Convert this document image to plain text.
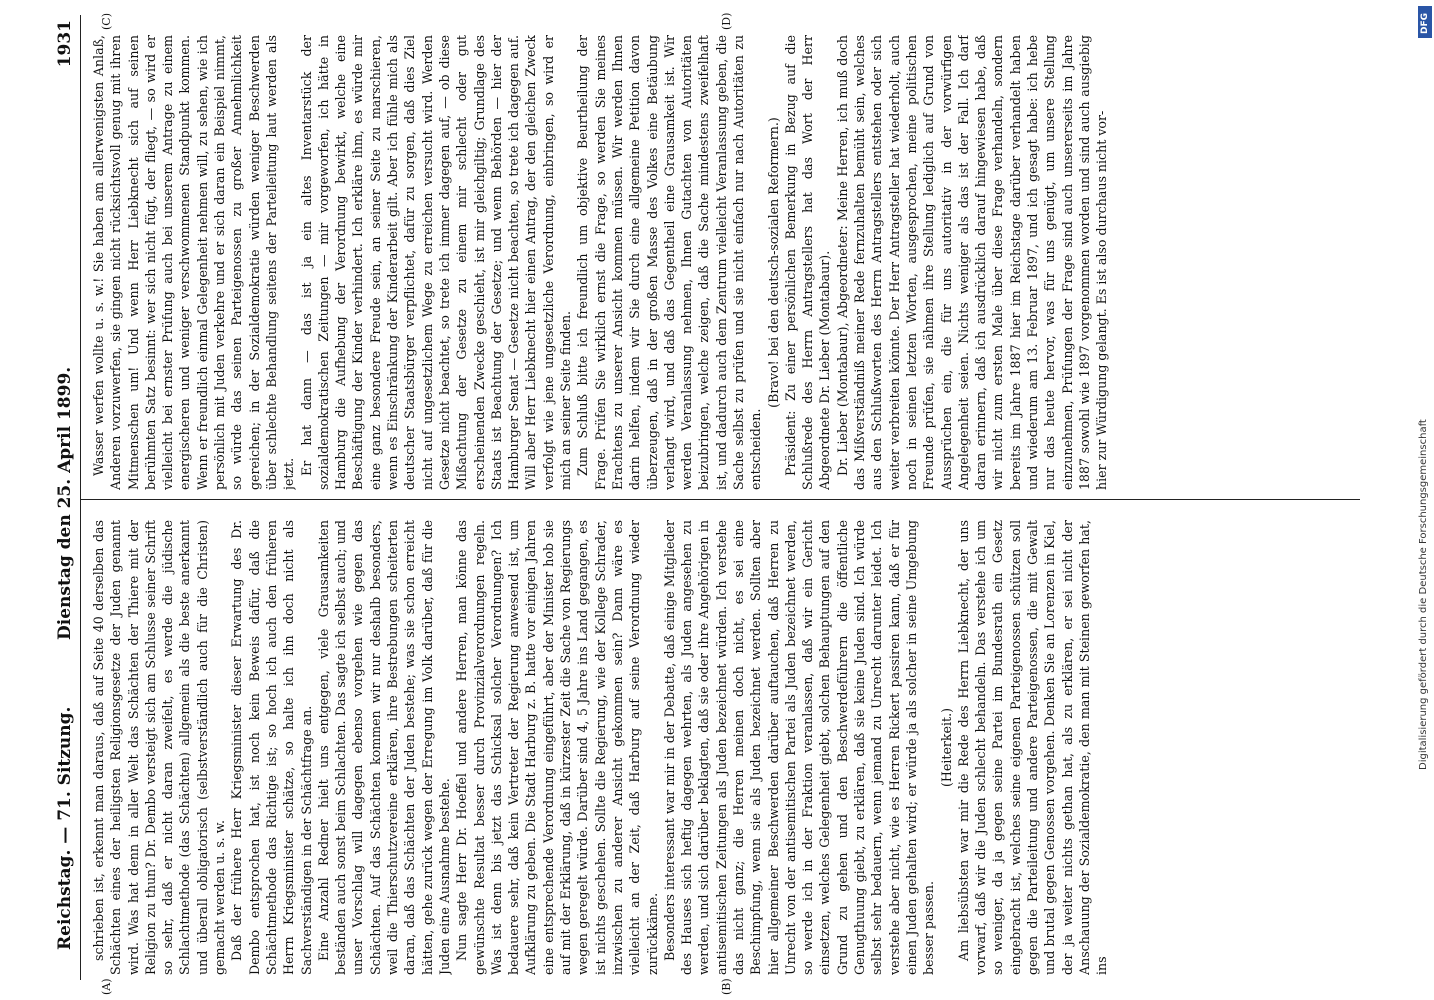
Reichstag. — 71. Sitzung.
Dienstag den 25. April 1899.
1931
(A)	(B)
(C)	(D)

schrieben ist, erkennt man daraus, daß auf Seite 40 derselben das Schächten eines der heiligsten Religionsgesetze der Juden genannt wird. Was hat denn in aller Welt das Schächten der Thiere mit der Religion zu thun? Dr. Dembo versteigt sich am Schlusse seiner Schrift so sehr, daß er nicht daran zweifelt, es werde die jüdische Schlachtmethode (das Schächten) allgemein als die beste anerkannt und überall obligatorisch (selbstverständlich auch für die Christen) gemacht werden u. s. w. Daß der frühere Herr Kriegsminister dieser Erwartung des Dr. Dembo entsprochen hat, ist noch kein Beweis dafür, daß die Schächtmethode das Richtige ist; so hoch ich auch den früheren Herrn Kriegsminister schätze, so halte ich ihn doch nicht als Sachverständigen in der Schächtfrage an. Eine Anzahl Redner hielt uns entgegen, viele Grausamkeiten beständen auch sonst beim Schlachten. Das sagte ich selbst auch; und unser Vorschlag will dagegen ebenso vorgehen wie gegen das Schächten. Auf das Schächten kommen wir nur deshalb besonders, weil die Thierschutzvereine erklären, ihre Bestrebungen scheiterten daran, daß das Schächten der Juden bestehe; was sie schon erreicht hätten, gehe zurück wegen der Erregung im Volk darüber, daß für die Juden eine Ausnahme bestehe. Nun sagte Herr Dr. Hoeffel und andere Herren, man könne das gewünschte Resultat besser durch Provinzialverordnungen regeln. Was ist denn bis jetzt das Schicksal solcher Verordnungen? Ich bedauere sehr, daß kein Vertreter der Regierung anwesend ist, um Aufklärung zu geben. Die Stadt Harburg z. B. hatte vor einigen Jahren eine entsprechende Verordnung eingeführt, aber der Minister hob sie auf mit der Erklärung, daß in kürzester Zeit die Sache von Regierungs wegen geregelt würde. Darüber sind 4, 5 Jahre ins Land gegangen, es ist nichts geschehen. Sollte die Regierung, wie der Kollege Schrader, inzwischen zu anderer Ansicht gekommen sein? Dann wäre es vielleicht an der Zeit, daß Harburg auf seine Verordnung wieder zurückkäme. Besonders interessant war mir in der Debatte, daß einige Mitglieder des Hauses sich heftig dagegen wehrten, als Juden angesehen zu werden, und sich darüber beklagten, daß sie oder ihre Angehörigen in antisemitischen Zeitungen als Juden bezeichnet würden. Ich verstehe das nicht ganz; die Herren meinen doch nicht, es sei eine Beschimpfung, wenn sie als Juden bezeichnet werden. Sollten aber hier allgemeiner Beschwerden darüber auftauchen, daß Herren zu Unrecht von der antisemitischen Partei als Juden bezeichnet werden, so werde ich in der Fraktion veranlassen, daß wir ein Gericht einsetzen, welches Gelegenheit giebt, solchen Behauptungen auf den Grund zu gehen und den Beschwerdeführern die öffentliche Genugthuung giebt, zu erklären, daß sie keine Juden sind. Ich würde selbst sehr bedauern, wenn jemand zu Unrecht darunter leidet. Ich verstehe aber nicht, wie es Herren Rickert passiren kann, daß er für einen Juden gehalten wird; er würde ja als solcher in seine Umgebung besser passen.

(Heiterkeit.) Am liebsübsten war mir die Rede des Herrn Liebknecht, der uns vorwarf, daß wir die Juden schlecht behandeln. Das verstehe ich um so weniger, da ja gegen seine Partei im Bundesrath ein Gesetz eingebracht ist, welches seine eigenen Parteigenossen schützen soll gegen die Parteileitung und andere Parteigenossen, die mit Gewalt und brutal gegen Genossen vorgehen. Denken Sie an Lorenzen in Kiel, der ja weiter nichts gethan hat, als zu erklären, er sei nicht der Anschauung der Sozialdemokratie, den man mit Steinen geworfen hat, ins

Wasser werfen wollte u. s. w.! Sie haben am allerwenigsten Anlaß, Anderen vorzuwerfen, sie gingen nicht rücksichtsvoll genug mit ihren Mitmenschen um! Und wenn Herr Liebknecht sich auf seinen berühmten Satz besinnt: wer sich nicht fügt, der fliegt, — so wird er vielleicht bei ernster Prüfung auch bei unserem Antrage zu einem energischeren und weniger verschwommenen Standpunkt kommen. Wenn er freundlich einmal Gelegenheit nehmen will, zu sehen, wie ich persönlich mit Juden verkehre und er sich daran ein Beispiel nimmt, so würde das seinen Parteigenossen zu großer Annehmlichkeit gereichen; in der Sozialdemokratie würden weniger Beschwerden über schlechte Behandlung seitens der Parteileitung laut werden als jetzt. Er hat dann — das ist ja ein altes Inventarstück der sozialdemokratischen Zeitungen — mir vorgeworfen, ich hätte in Hamburg die Aufhebung der Verordnung bewirkt, welche eine Beschäftigung der Kinder verhindert. Ich erkläre ihm, es würde mir eine ganz besondere Freude sein, an seiner Seite zu marschieren, wenn es Einschränkung der Kinderarbeit gilt. Aber ich fühle mich als deutscher Staatsbürger verpflichtet, dafür zu sorgen, daß dies Ziel nicht auf ungesetzlichem Wege zu erreichen versucht wird. Werden Gesetze nicht beachtet, so trete ich immer dagegen auf, — ob diese Mißachtung der Gesetze zu einem mir schlecht oder gut erscheinenden Zwecke geschieht, ist mir gleichgiltig; Grundlage des Staats ist Beachtung der Gesetze; und wenn Behörden — hier der Hamburger Senat — Gesetze nicht beachten, so trete ich dagegen auf. Will aber Herr Liebknecht hier einen Antrag, der den gleichen Zweck verfolgt wie jene ungesetzliche Verordnung, einbringen, so wird er mich an seiner Seite finden. Zum Schluß bitte ich freundlich um objektive Beurtheilung der Frage. Prüfen Sie wirklich ernst die Frage, so werden Sie meines Erachtens zu unserer Ansicht kommen müssen. Wir werden Ihnen darin helfen, indem wir Sie durch eine allgemeine Petition davon überzeugen, daß in der großen Masse des Volkes eine Betäubung verlangt wird, und daß das Gegentheil eine Grausamkeit ist. Wir werden Veranlassung nehmen, Ihnen Gutachten von Autoritäten beizubringen, welche zeigen, daß die Sache mindestens zweifelhaft ist, und dadurch auch dem Zentrum vielleicht Veranlassung geben, die Sache selbst zu prüfen und sie nicht einfach nur nach Autoritäten zu entscheiden.

(Bravo! bei den deutsch-sozialen Reformern.) Präsident: Zu einer persönlichen Bemerkung in Bezug auf die Schlußrede des Herrn Antragstellers hat das Wort der Herr Abgeordnete Dr. Lieber (Montabaur). Dr. Lieber (Montabaur), Abgeordneter: Meine Herren, ich muß doch das Mißverständniß meiner Rede fernzuhalten bemüht sein, welches aus den Schlußworten des Herrn Antragstellers entstehen oder sich weiter verbreiten könnte. Der Herr Antragsteller hat wiederholt, auch noch in seinen letzten Worten, ausgesprochen, meine politischen Freunde prüfen, sie nähmen ihre Stellung lediglich auf Grund von Aussprüchen ein, die für uns autoritativ in der vorwürfigen Angelegenheit seien. Nichts weniger als das ist der Fall. Ich darf daran erinnern, daß ich ausdrücklich darauf hingewiesen habe, daß wir nicht zum ersten Male über diese Frage verhandeln, sondern bereits im Jahre 1887 hier im Reichstage darüber verhandelt haben und wiederum am 13. Februar 1897, und ich gesagt habe: ich hebe nur das heute hervor, was für uns genügt, um unsere Stellung einzunehmen, Prüfungen der Frage sind auch unsererseits im Jahre 1887 sowohl wie 1897 vorgenommen worden und sind auch ausgiebig hier zur Würdigung gelangt. Es ist also durchaus nicht vor-

DFG
Digitalisierung gefördert durch die Deutsche Forschungsgemeinschaft
